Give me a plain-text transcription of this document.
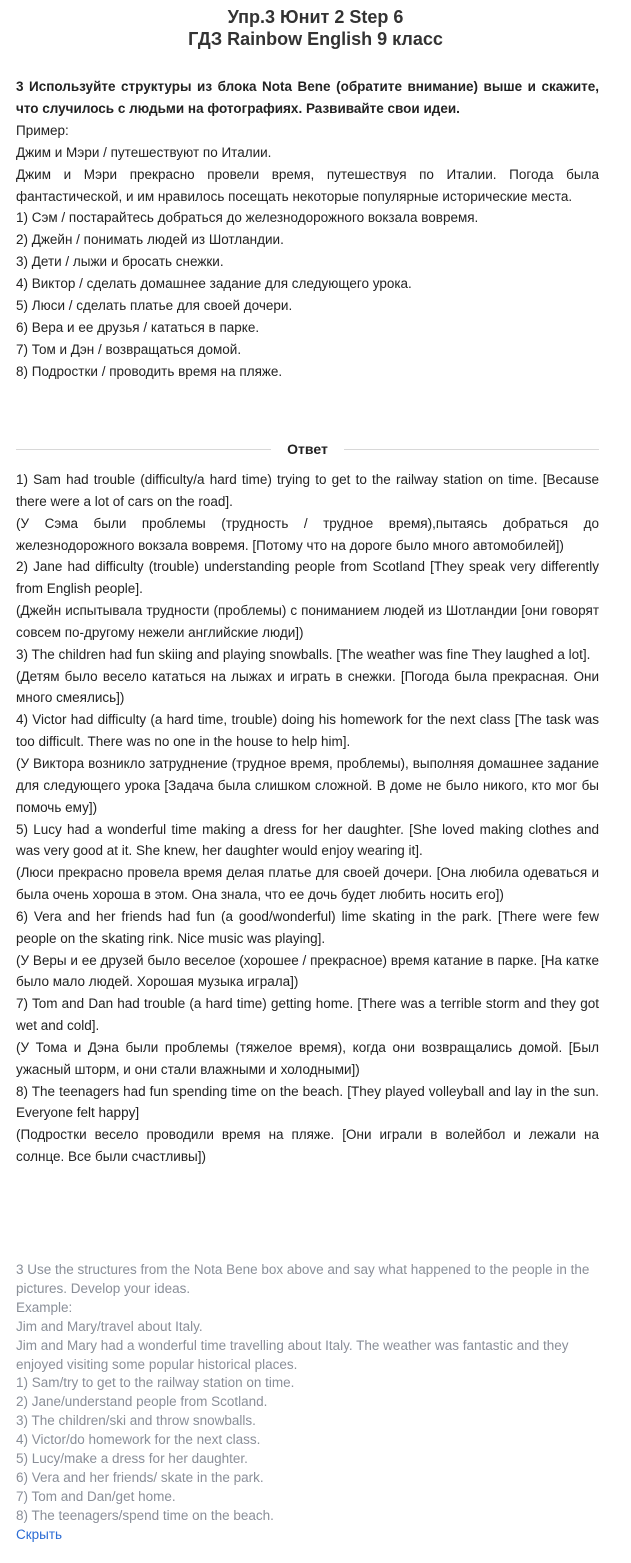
Упр.3 Юнит 2 Step 6
ГДЗ Rainbow English 9 класс

3 Используйте структуры из блока Nota Bene (обратите внимание) выше и скажите, что случилось с людьми на фотографиях. Развивайте свои идеи.

Пример:

Джим и Мэри / путешествуют по Италии.

Джим и Мэри прекрасно провели время, путешествуя по Италии. Погода была фантастической, и им нравилось посещать некоторые популярные исторические места.

1) Сэм / постарайтесь добраться до железнодорожного вокзала вовремя.

2) Джейн / понимать людей из Шотландии.

3) Дети / лыжи и бросать снежки.

4) Виктор / сделать домашнее задание для следующего урока.

5) Люси / сделать платье для своей дочери.

6) Вера и ее друзья / кататься в парке.

7) Том и Дэн / возвращаться домой.

8) Подростки / проводить время на пляже.

Ответ

1) Sam had trouble (difficulty/a hard time) trying to get to the railway station on time. [Because there were a lot of cars on the road].

(У Сэма были проблемы (трудность / трудное время),пытаясь добраться до железнодорожного вокзала вовремя. [Потому что на дороге было много автомобилей])

2) Jane had difficulty (trouble) understanding people from Scotland [They speak very differently from English people].

(Джейн испытывала трудности (проблемы) с пониманием людей из Шотландии [они говорят совсем по-другому нежели английские люди])

3) The children had fun skiing and playing snowballs. [The weather was fine They laughed a lot].

(Детям было весело кататься на лыжах и играть в снежки. [Погода была прекрасная. Они много смеялись])

4) Victor had difficulty (a hard time, trouble) doing his homework for the next class [The task was too difficult. There was no one in the house to help him].

(У Виктора возникло затруднение (трудное время, проблемы), выполняя домашнее задание для следующего урока [Задача была слишком сложной. В доме не было никого, кто мог бы помочь ему])

5) Lucy had a wonderful time making a dress for her daughter. [She loved making clothes and was very good at it. She knew, her daughter would enjoy wearing it].

(Люси прекрасно провела время делая платье для своей дочери. [Она любила одеваться и была очень хороша в этом. Она знала, что ее дочь будет любить носить его])

6) Vera and her friends had fun (a good/wonderful) lime skating in the park. [There were few people on the skating rink. Nice music was playing].

(У Веры и ее друзей было веселое (хорошее / прекрасное) время катание в парке. [На катке было мало людей. Хорошая музыка играла])

7) Tom and Dan had trouble (a hard time) getting home. [There was a terrible storm and they got wet and cold].

(У Тома и Дэна были проблемы (тяжелое время), когда они возвращались домой. [Был ужасный шторм, и они стали влажными и холодными])

8) The teenagers had fun spending time on the beach. [They played volleyball and lay in the sun. Everyone felt happy]

(Подростки весело проводили время на пляже. [Они играли в волейбол и лежали на солнце. Все были счастливы])

3 Use the structures from the Nota Bene box above and say what happened to the people in the pictures. Develop your ideas.

Example:

Jim and Mary/travel about Italy.

Jim and Mary had a wonderful time travelling about Italy. The weather was fantastic and they enjoyed visiting some popular historical places.

1) Sam/try to get to the railway station on time.

2) Jane/understand people from Scotland.

3) The children/ski and throw snowballs.

4) Victor/do homework for the next class.

5) Lucy/make a dress for her daughter.

6) Vera and her friends/ skate in the park.

7) Tom and Dan/get home.

8) The teenagers/spend time on the beach.

Скрыть
